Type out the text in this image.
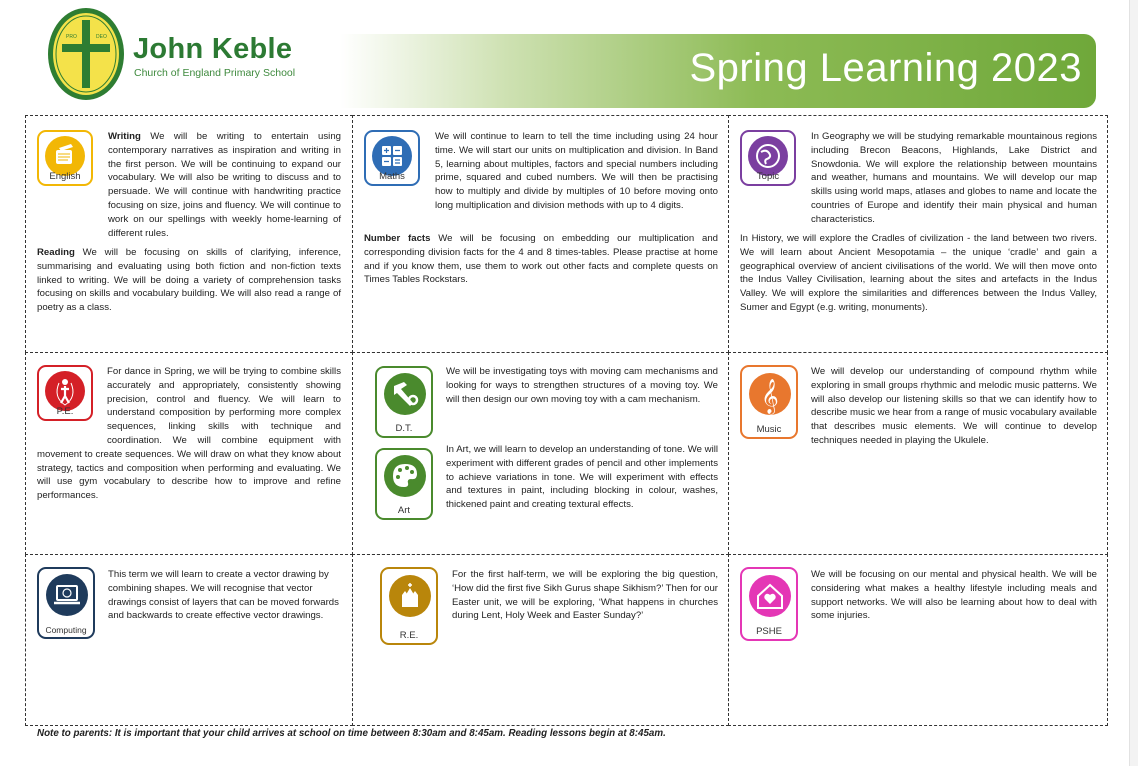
PRO	DEO John Keble
Church of England Primary School	Spring Learning 2023
English
Writing We will be writing to entertain using contemporary narratives as inspiration and writing in the first person. We will be continuing to expand our vocabulary. We will also be writing to discuss and to persuade. We will continue with handwriting practice focusing on size, joins and fluency. We will continue to work on our spellings with weekly home-learning of different rules.
Reading We will be focusing on skills of clarifying, inference, summarising and evaluating using both fiction and non-fiction texts linked to writing. We will be doing a variety of comprehension tasks focusing on skills and vocabulary building. We will also read a range of poetry as a class.
Maths
We will continue to learn to tell the time including using 24 hour time. We will start our units on multiplication and division. In Band 5, learning about multiples, factors and special numbers including prime, squared and cubed numbers. We will then be practising how to multiply and divide by multiples of 10 before moving onto long multiplication and division methods with up to 4 digits.
Number facts We will be focusing on embedding our multiplication and corresponding division facts for the 4 and 8 times-tables. Please practise at home and if you know them, use them to work out other facts and complete quests on Times Tables Rockstars.
Topic
In Geography we will be studying remarkable mountainous regions including Brecon Beacons, Highlands, Lake District and Snowdonia. We will explore the relationship between mountains and weather, humans and mountains. We will develop our map skills using world maps, atlases and globes to name and locate the countries of Europe and identify their main physical and human characteristics.
In History, we will explore the Cradles of civilization - the land between two rivers. We will learn about Ancient Mesopotamia – the unique ‘cradle’ and gain a geographical overview of ancient civilisations of the world. We will then move onto the Indus Valley Civilisation, learning about the sites and artefacts in the Indus Valley. We will explore the similarities and differences between the Indus Valley, Sumer and Egypt (e.g. writing, monuments).
P.E.
For dance in Spring, we will be trying to combine skills accurately and appropriately, consistently showing precision, control and fluency. We will learn to understand composition by performing more complex sequences, linking skills with technique and coordination. We will combine equipment with movement to create sequences. We will draw on what they know about strategy, tactics and composition when performing and evaluating. We will use gym vocabulary to describe how to improve and refine performances.
D.T.
We will be investigating toys with moving cam mechanisms and looking for ways to strengthen structures of a moving toy. We will then design our own moving toy with a cam mechanism.
Art
In Art, we will learn to develop an understanding of tone. We will experiment with different grades of pencil and other implements to achieve variations in tone. We will experiment with effects and textures in paint, including blocking in colour, washes, thickened paint and creating textural effects.
𝄞
Music
We will develop our understanding of compound rhythm while exploring in small groups rhythmic and melodic music patterns. We will also develop our listening skills so that we can identify how to describe music we hear from a range of music vocabulary available that describes music elements. We will continue to develop techniques needed in playing the Ukulele.
Computing
This term we will learn to create a vector drawing by combining shapes. We will recognise that vector drawings consist of layers that can be moved forwards and backwards to create effective vector drawings.
R.E.
For the first half-term, we will be exploring the big question, ‘How did the first five Sikh Gurus shape Sikhism?’ Then for our Easter unit, we will be exploring, ‘What happens in churches during Lent, Holy Week and Easter Sunday?’
PSHE
We will be focusing on our mental and physical health. We will be considering what makes a healthy lifestyle including meals and support networks. We will also be learning about how to deal with some injuries.
Note to parents: It is important that your child arrives at school on time between 8:30am and 8:45am. Reading lessons begin at 8:45am.
